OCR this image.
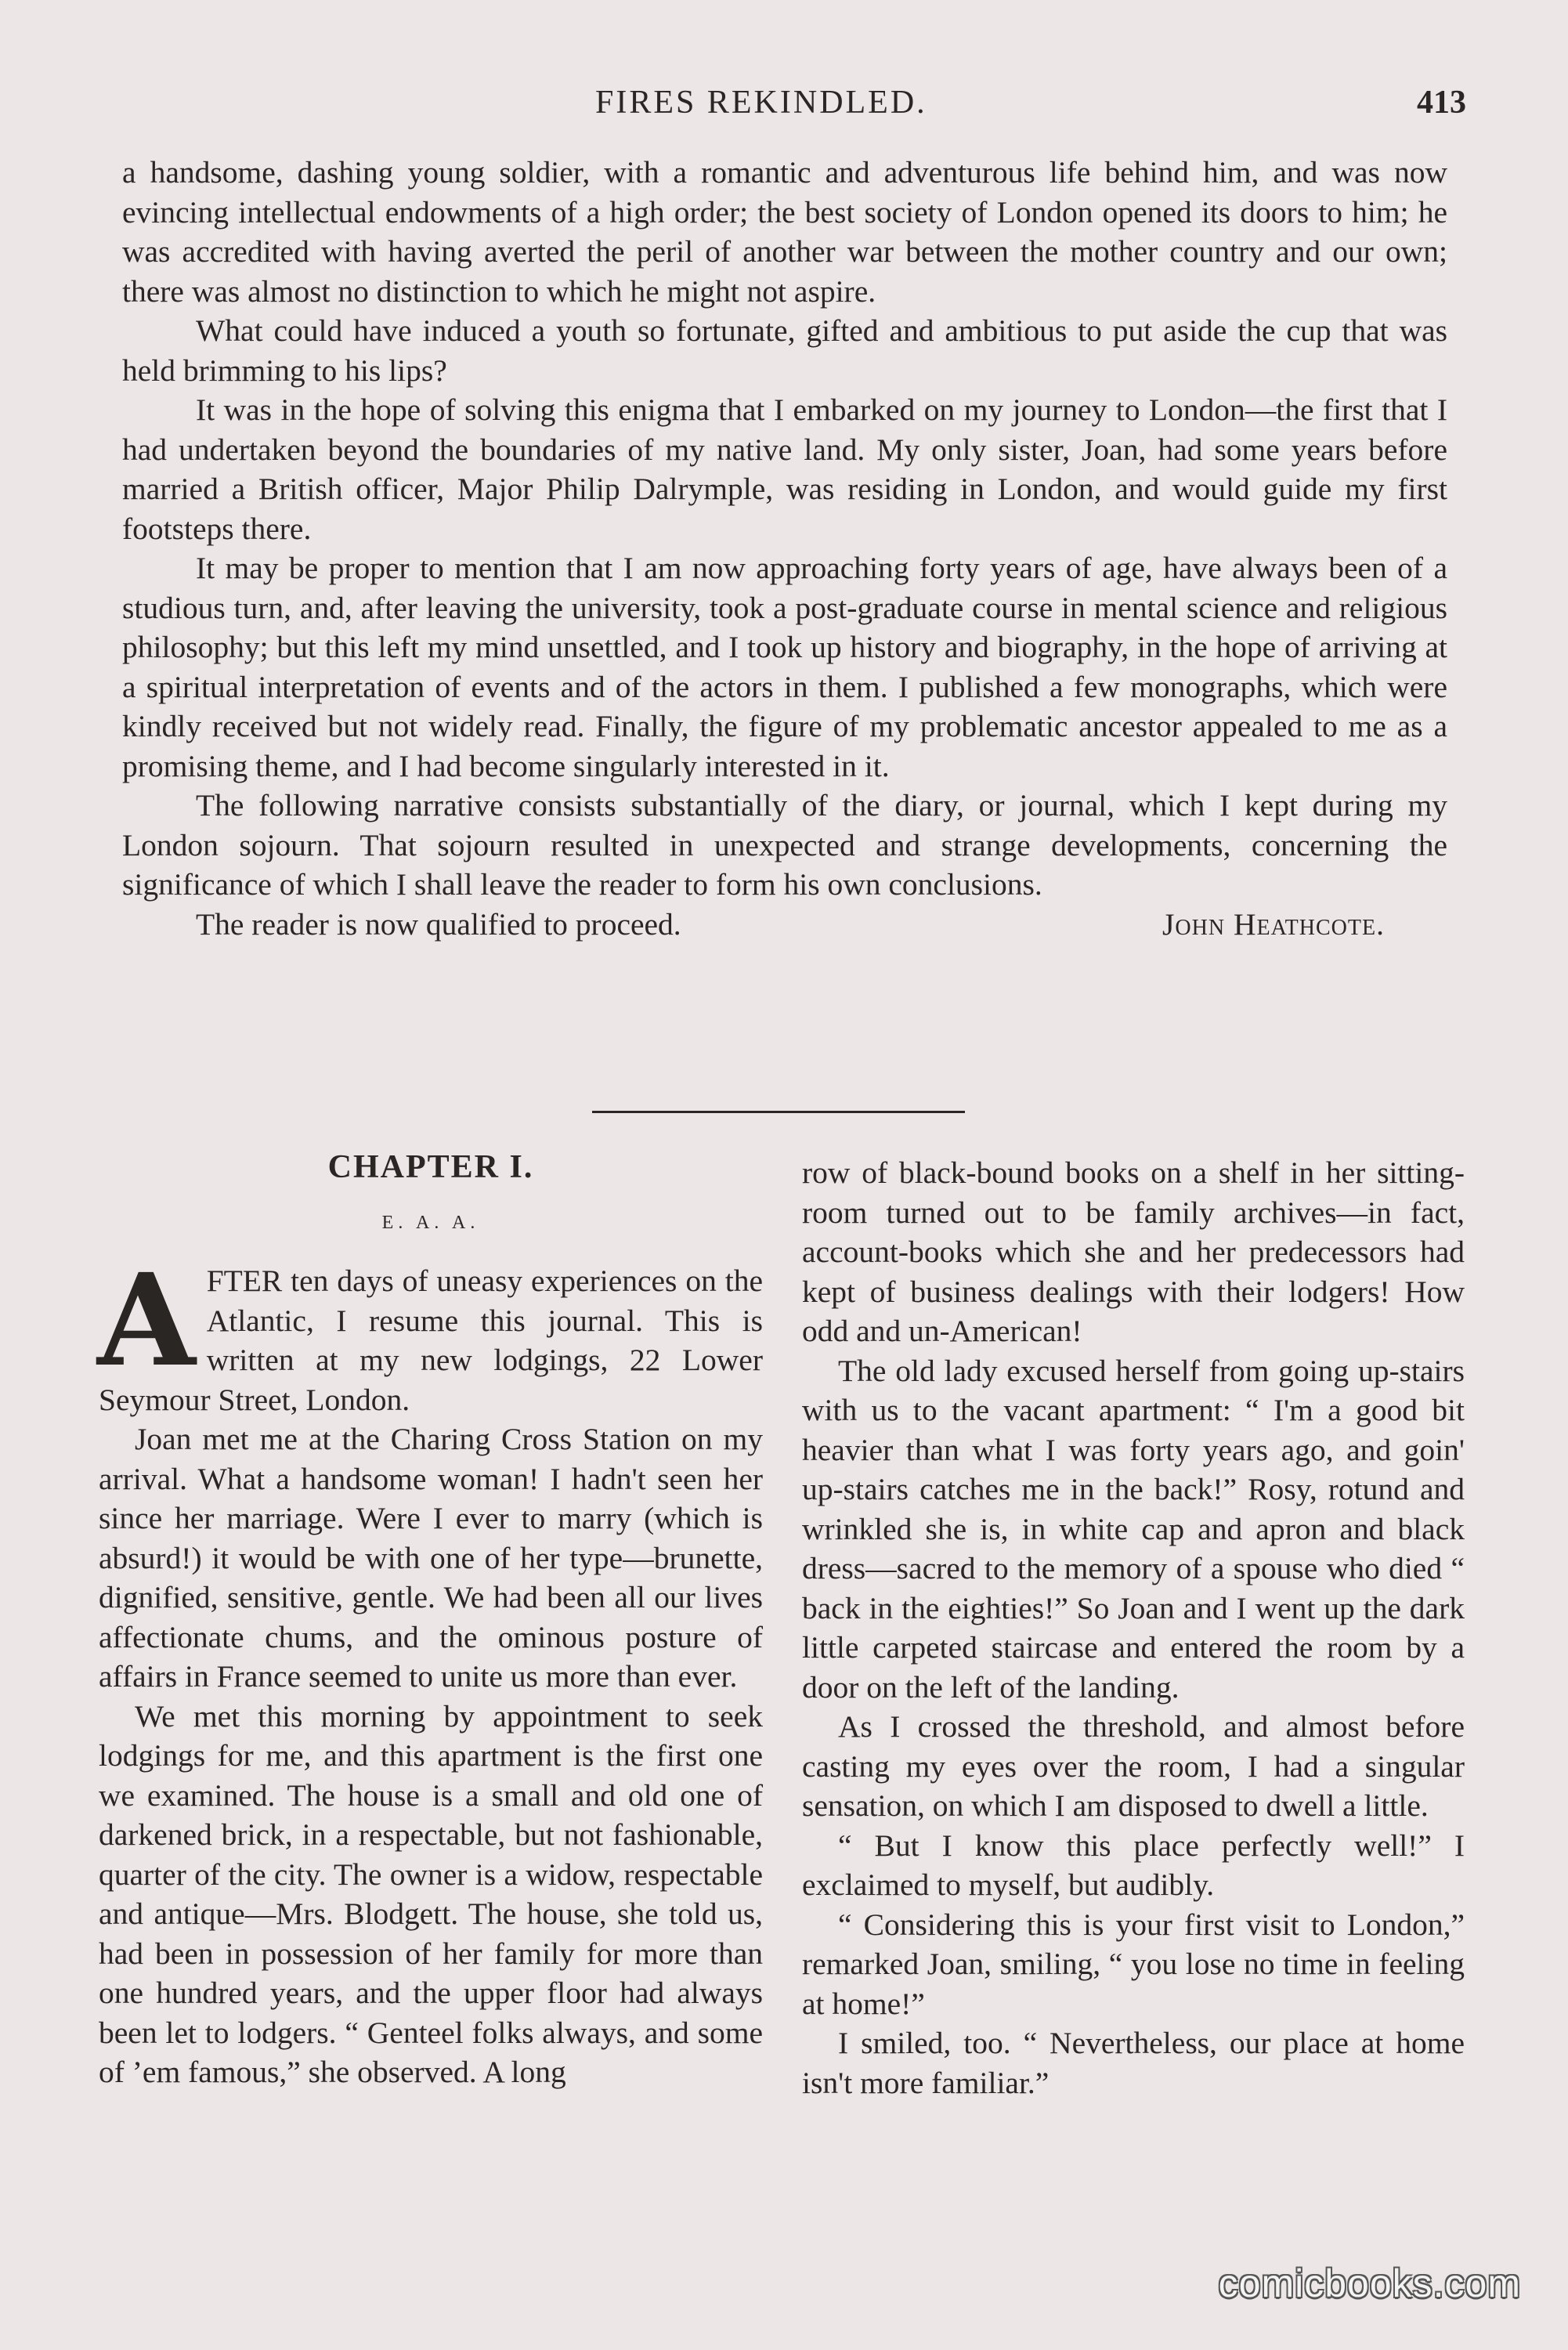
FIRES REKINDLED.	413

a handsome, dashing young soldier, with a romantic and adventurous life behind him, and was now evincing intellectual endowments of a high order; the best society of London opened its doors to him; he was accredited with having averted the peril of another war between the mother country and our own; there was almost no distinction to which he might not aspire.

What could have induced a youth so fortunate, gifted and ambitious to put aside the cup that was held brimming to his lips?

It was in the hope of solving this enigma that I embarked on my journey to London—the first that I had undertaken beyond the boundaries of my native land. My only sister, Joan, had some years before married a British officer, Major Philip Dalrymple, was residing in London, and would guide my first footsteps there.

It may be proper to mention that I am now approaching forty years of age, have always been of a studious turn, and, after leaving the university, took a post-graduate course in mental science and religious philosophy; but this left my mind unsettled, and I took up history and biography, in the hope of arriving at a spiritual interpretation of events and of the actors in them. I published a few monographs, which were kindly received but not widely read. Finally, the figure of my problematic ancestor appealed to me as a promising theme, and I had become singularly interested in it.

The following narrative consists substantially of the diary, or journal, which I kept during my London sojourn. That sojourn resulted in unexpected and strange developments, concerning the significance of which I shall leave the reader to form his own conclusions.

The reader is now qualified to proceed.	John Heathcote.
CHAPTER I.
E. A. A.

AFTER ten days of uneasy experiences on the Atlantic, I resume this journal. This is written at my new lodgings, 22 Lower Seymour Street, London.

Joan met me at the Charing Cross Station on my arrival. What a handsome woman! I hadn't seen her since her marriage. Were I ever to marry (which is absurd!) it would be with one of her type—brunette, dignified, sensitive, gentle. We had been all our lives affectionate chums, and the ominous posture of affairs in France seemed to unite us more than ever.

We met this morning by appointment to seek lodgings for me, and this apartment is the first one we examined. The house is a small and old one of darkened brick, in a respectable, but not fashionable, quarter of the city. The owner is a widow, respectable and antique—Mrs. Blodgett. The house, she told us, had been in possession of her family for more than one hundred years, and the upper floor had always been let to lodgers. “ Genteel folks always, and some of ’em famous,” she observed. A long

row of black-bound books on a shelf in her sitting-room turned out to be family archives—in fact, account-books which she and her predecessors had kept of business dealings with their lodgers! How odd and un-American!

The old lady excused herself from going up-stairs with us to the vacant apartment: “ I'm a good bit heavier than what I was forty years ago, and goin' up-stairs catches me in the back!” Rosy, rotund and wrinkled she is, in white cap and apron and black dress—sacred to the memory of a spouse who died “ back in the eighties!” So Joan and I went up the dark little carpeted staircase and entered the room by a door on the left of the landing.

As I crossed the threshold, and almost before casting my eyes over the room, I had a singular sensation, on which I am disposed to dwell a little.

“ But I know this place perfectly well!” I exclaimed to myself, but audibly.

“ Considering this is your first visit to London,” remarked Joan, smiling, “ you lose no time in feeling at home!”

I smiled, too. “ Nevertheless, our place at home isn't more familiar.”

comicbooks.com
